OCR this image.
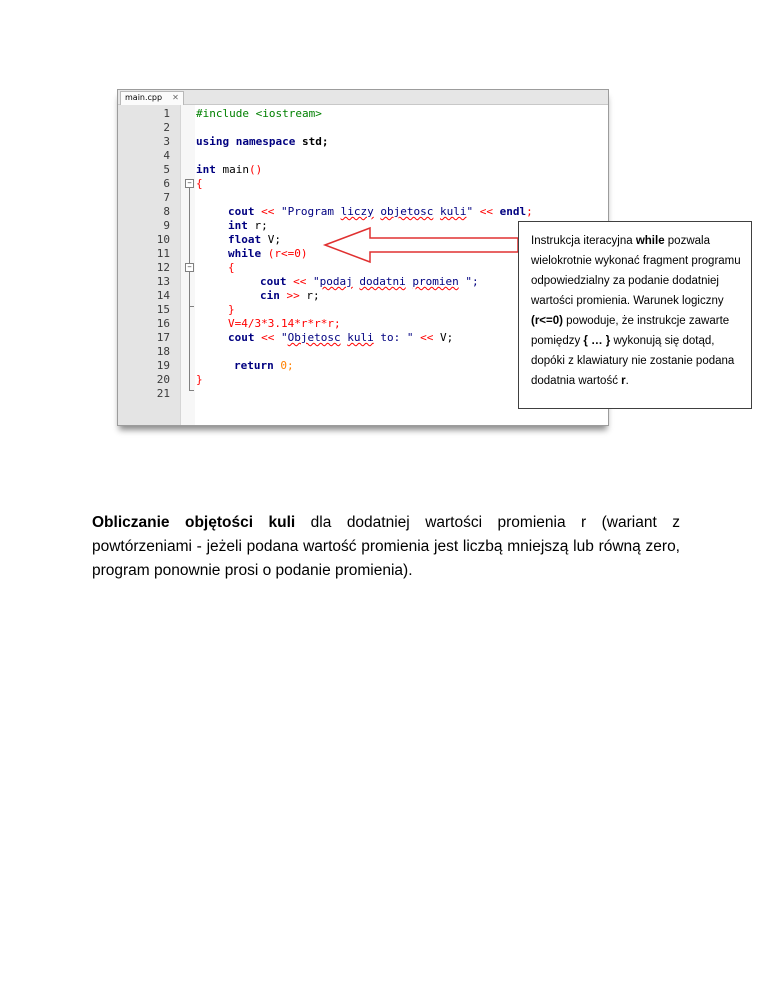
main.cpp ✕
1
2
3
4
5
6
7
8
9
10
11
12
13
14
15
16
17
18
19
20
21
−
−
#include <iostream>
using namespace std;
int main()
{
cout << "Program liczy objetosc kuli" << endl;
int r;
float V;
while (r<=0)
{
cout << "podaj dodatni promien ";
cin >> r;
}
V=4/3*3.14*r*r*r;
cout << "Objetosc kuli to: " << V;
return 0;
}
Instrukcja iteracyjna while pozwala wielokrotnie wykonać fragment programu odpowiedzialny za podanie dodatniej wartości promienia. Warunek logiczny (r<=0) powoduje, że instrukcje zawarte pomiędzy { … } wykonują się dotąd, dopóki z klawiatury nie zostanie podana dodatnia wartość r.
Obliczanie objętości kuli dla dodatniej wartości promienia r (wariant z powtórzeniami - jeżeli podana wartość promienia jest liczbą mniejszą lub równą zero, program ponownie prosi o podanie promienia).
